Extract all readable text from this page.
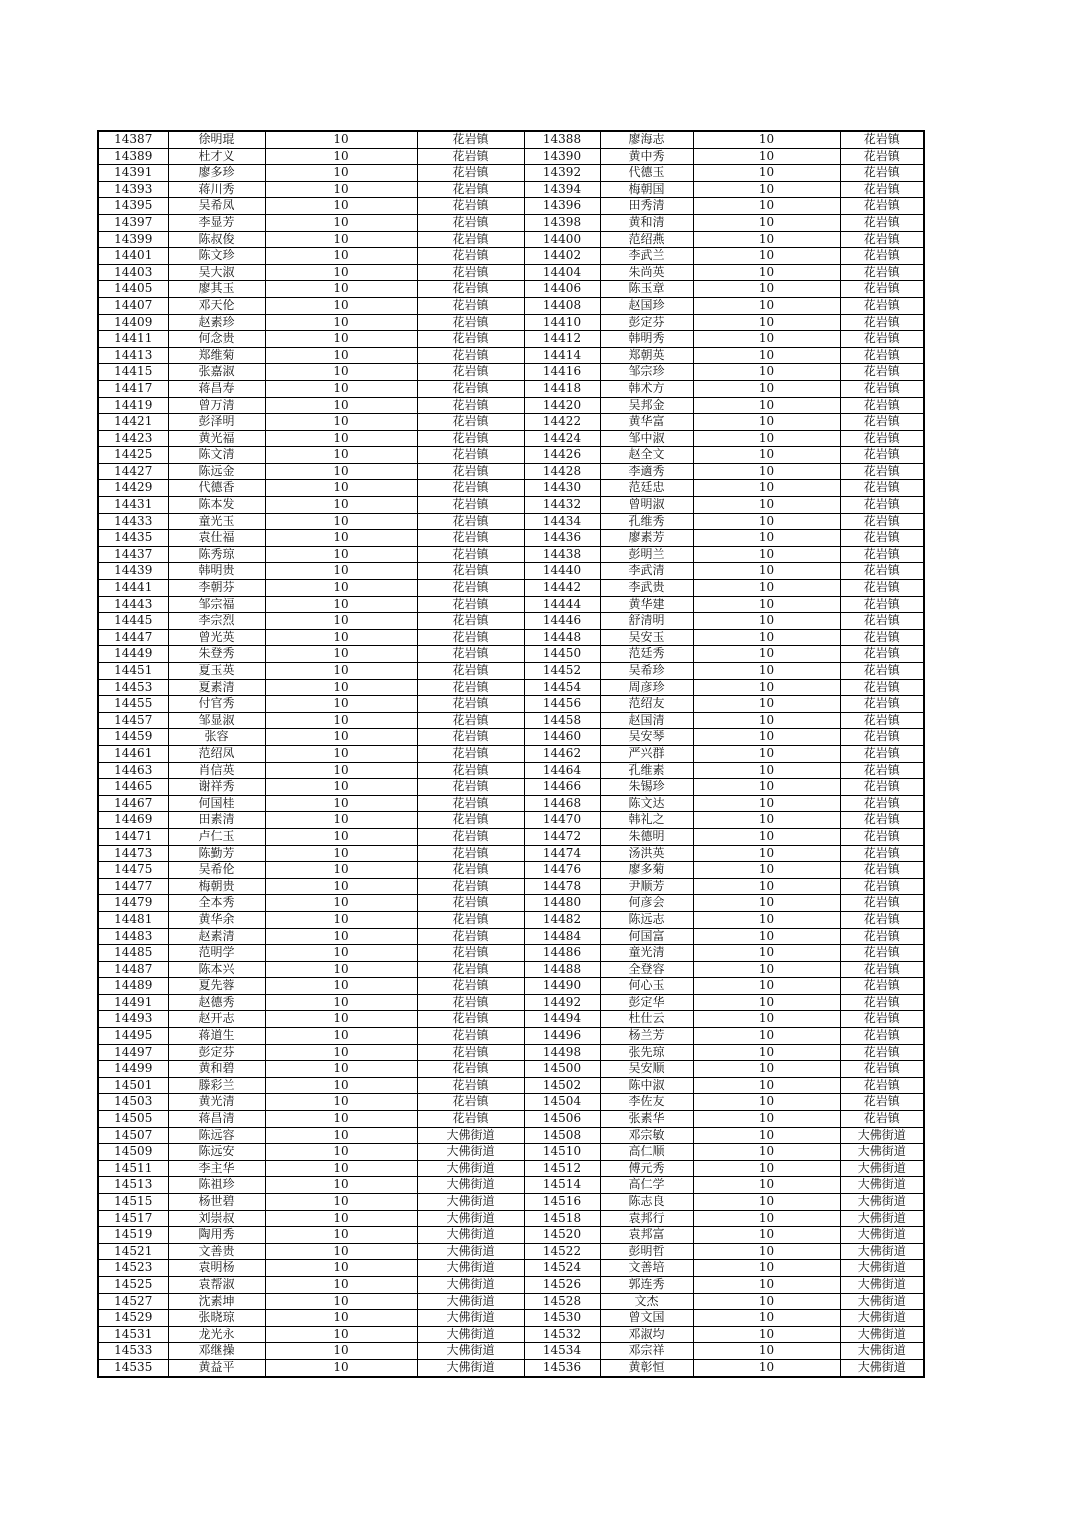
14387	徐明琨	10	花岩镇	14388	廖海志	10	花岩镇
14389	杜才义	10	花岩镇	14390	黄中秀	10	花岩镇
14391	廖多珍	10	花岩镇	14392	代德玉	10	花岩镇
14393	蒋川秀	10	花岩镇	14394	梅朝国	10	花岩镇
14395	吴希凤	10	花岩镇	14396	田秀清	10	花岩镇
14397	李显芳	10	花岩镇	14398	黄和清	10	花岩镇
14399	陈叔俊	10	花岩镇	14400	范绍燕	10	花岩镇
14401	陈文珍	10	花岩镇	14402	李武兰	10	花岩镇
14403	吴大淑	10	花岩镇	14404	朱尚英	10	花岩镇
14405	廖其玉	10	花岩镇	14406	陈玉章	10	花岩镇
14407	邓天伦	10	花岩镇	14408	赵国珍	10	花岩镇
14409	赵素珍	10	花岩镇	14410	彭定芬	10	花岩镇
14411	何念贵	10	花岩镇	14412	韩明秀	10	花岩镇
14413	郑维菊	10	花岩镇	14414	郑朝英	10	花岩镇
14415	张嘉淑	10	花岩镇	14416	邹宗珍	10	花岩镇
14417	蒋昌寿	10	花岩镇	14418	韩术方	10	花岩镇
14419	曾万清	10	花岩镇	14420	吴邦金	10	花岩镇
14421	彭泽明	10	花岩镇	14422	黄华富	10	花岩镇
14423	黄光福	10	花岩镇	14424	邹中淑	10	花岩镇
14425	陈文清	10	花岩镇	14426	赵全文	10	花岩镇
14427	陈远金	10	花岩镇	14428	李適秀	10	花岩镇
14429	代德香	10	花岩镇	14430	范廷忠	10	花岩镇
14431	陈本发	10	花岩镇	14432	曾明淑	10	花岩镇
14433	童光玉	10	花岩镇	14434	孔维秀	10	花岩镇
14435	袁仕福	10	花岩镇	14436	廖素芳	10	花岩镇
14437	陈秀琼	10	花岩镇	14438	彭明兰	10	花岩镇
14439	韩明贵	10	花岩镇	14440	李武清	10	花岩镇
14441	李朝芬	10	花岩镇	14442	李武贵	10	花岩镇
14443	邹宗福	10	花岩镇	14444	黄华建	10	花岩镇
14445	李宗烈	10	花岩镇	14446	舒清明	10	花岩镇
14447	曾光英	10	花岩镇	14448	吴安玉	10	花岩镇
14449	朱登秀	10	花岩镇	14450	范廷秀	10	花岩镇
14451	夏玉英	10	花岩镇	14452	吴希珍	10	花岩镇
14453	夏素清	10	花岩镇	14454	周彦珍	10	花岩镇
14455	付官秀	10	花岩镇	14456	范绍友	10	花岩镇
14457	邹显淑	10	花岩镇	14458	赵国清	10	花岩镇
14459	张容	10	花岩镇	14460	吴安琴	10	花岩镇
14461	范绍凤	10	花岩镇	14462	严兴群	10	花岩镇
14463	肖信英	10	花岩镇	14464	孔维素	10	花岩镇
14465	谢祥秀	10	花岩镇	14466	朱锡珍	10	花岩镇
14467	何国桂	10	花岩镇	14468	陈文达	10	花岩镇
14469	田素清	10	花岩镇	14470	韩礼之	10	花岩镇
14471	卢仁玉	10	花岩镇	14472	朱德明	10	花岩镇
14473	陈勤芳	10	花岩镇	14474	汤洪英	10	花岩镇
14475	吴希伦	10	花岩镇	14476	廖多菊	10	花岩镇
14477	梅朝贵	10	花岩镇	14478	尹顺芳	10	花岩镇
14479	全本秀	10	花岩镇	14480	何彦会	10	花岩镇
14481	黄华余	10	花岩镇	14482	陈远志	10	花岩镇
14483	赵素清	10	花岩镇	14484	何国富	10	花岩镇
14485	范明学	10	花岩镇	14486	童光清	10	花岩镇
14487	陈本兴	10	花岩镇	14488	全登容	10	花岩镇
14489	夏先蓉	10	花岩镇	14490	何心玉	10	花岩镇
14491	赵德秀	10	花岩镇	14492	彭定华	10	花岩镇
14493	赵开志	10	花岩镇	14494	杜仕云	10	花岩镇
14495	蒋道生	10	花岩镇	14496	杨兰芳	10	花岩镇
14497	彭定芬	10	花岩镇	14498	张先琼	10	花岩镇
14499	黄和碧	10	花岩镇	14500	吴安顺	10	花岩镇
14501	滕彩兰	10	花岩镇	14502	陈中淑	10	花岩镇
14503	黄光清	10	花岩镇	14504	李佐友	10	花岩镇
14505	蒋昌清	10	花岩镇	14506	张素华	10	花岩镇
14507	陈远容	10	大佛街道	14508	邓宗敏	10	大佛街道
14509	陈远安	10	大佛街道	14510	高仁顺	10	大佛街道
14511	李主华	10	大佛街道	14512	傅元秀	10	大佛街道
14513	陈祖珍	10	大佛街道	14514	高仁学	10	大佛街道
14515	杨世碧	10	大佛街道	14516	陈志良	10	大佛街道
14517	刘崇叔	10	大佛街道	14518	袁邦行	10	大佛街道
14519	陶用秀	10	大佛街道	14520	袁邦富	10	大佛街道
14521	文善贵	10	大佛街道	14522	彭明哲	10	大佛街道
14523	袁明杨	10	大佛街道	14524	文善培	10	大佛街道
14525	袁帮淑	10	大佛街道	14526	郭连秀	10	大佛街道
14527	沈素坤	10	大佛街道	14528	文杰	10	大佛街道
14529	张晓琼	10	大佛街道	14530	曾文国	10	大佛街道
14531	龙光永	10	大佛街道	14532	邓淑均	10	大佛街道
14533	邓继操	10	大佛街道	14534	邓宗祥	10	大佛街道
14535	黄益平	10	大佛街道	14536	黄彰恒	10	大佛街道
